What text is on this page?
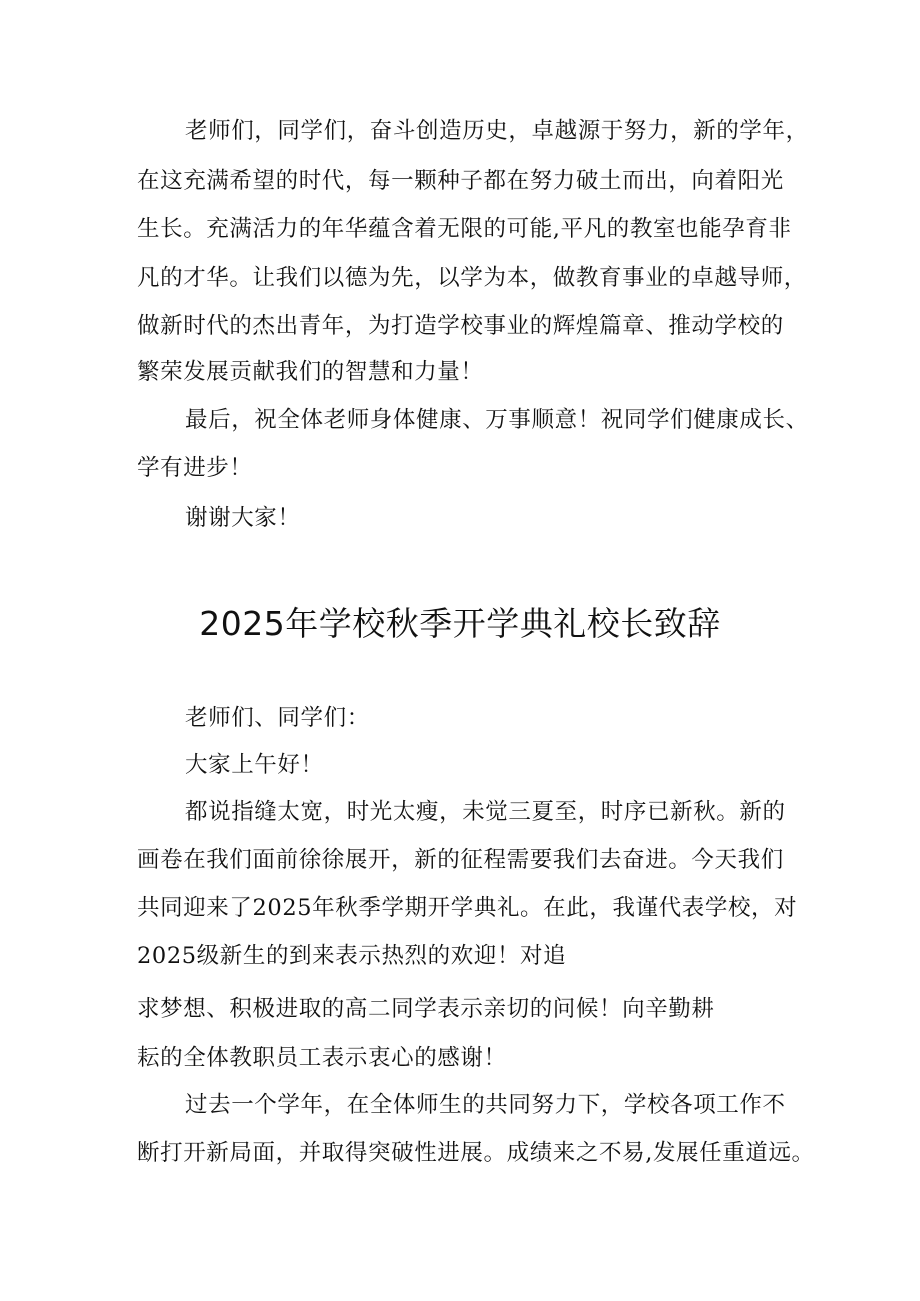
老师们，同学们，奋斗创造历史，卓越源于努力，新的学年，
在这充满希望的时代，每一颗种子都在努力破土而出，向着阳光
生长。充满活力的年华蕴含着无限的可能,平凡的教室也能孕育非
凡的才华。让我们以德为先，以学为本，做教育事业的卓越导师，
做新时代的杰出青年，为打造学校事业的辉煌篇章、推动学校的
繁荣发展贡献我们的智慧和力量！
最后，祝全体老师身体健康、万事顺意！祝同学们健康成长、
学有进步！
谢谢大家！
2025年学校秋季开学典礼校长致辞
老师们、同学们：
大家上午好！
都说指缝太宽，时光太瘦，未觉三夏至，时序已新秋。新的
画卷在我们面前徐徐展开，新的征程需要我们去奋进。今天我们
共同迎来了2025年秋季学期开学典礼。在此，我谨代表学校，对
2025级新生的到来表示热烈的欢迎！对追
求梦想、积极进取的高二同学表示亲切的问候！向辛勤耕
耘的全体教职员工表示衷心的感谢！
过去一个学年，在全体师生的共同努力下，学校各项工作不
断打开新局面，并取得突破性进展。成绩来之不易,发展任重道远。
